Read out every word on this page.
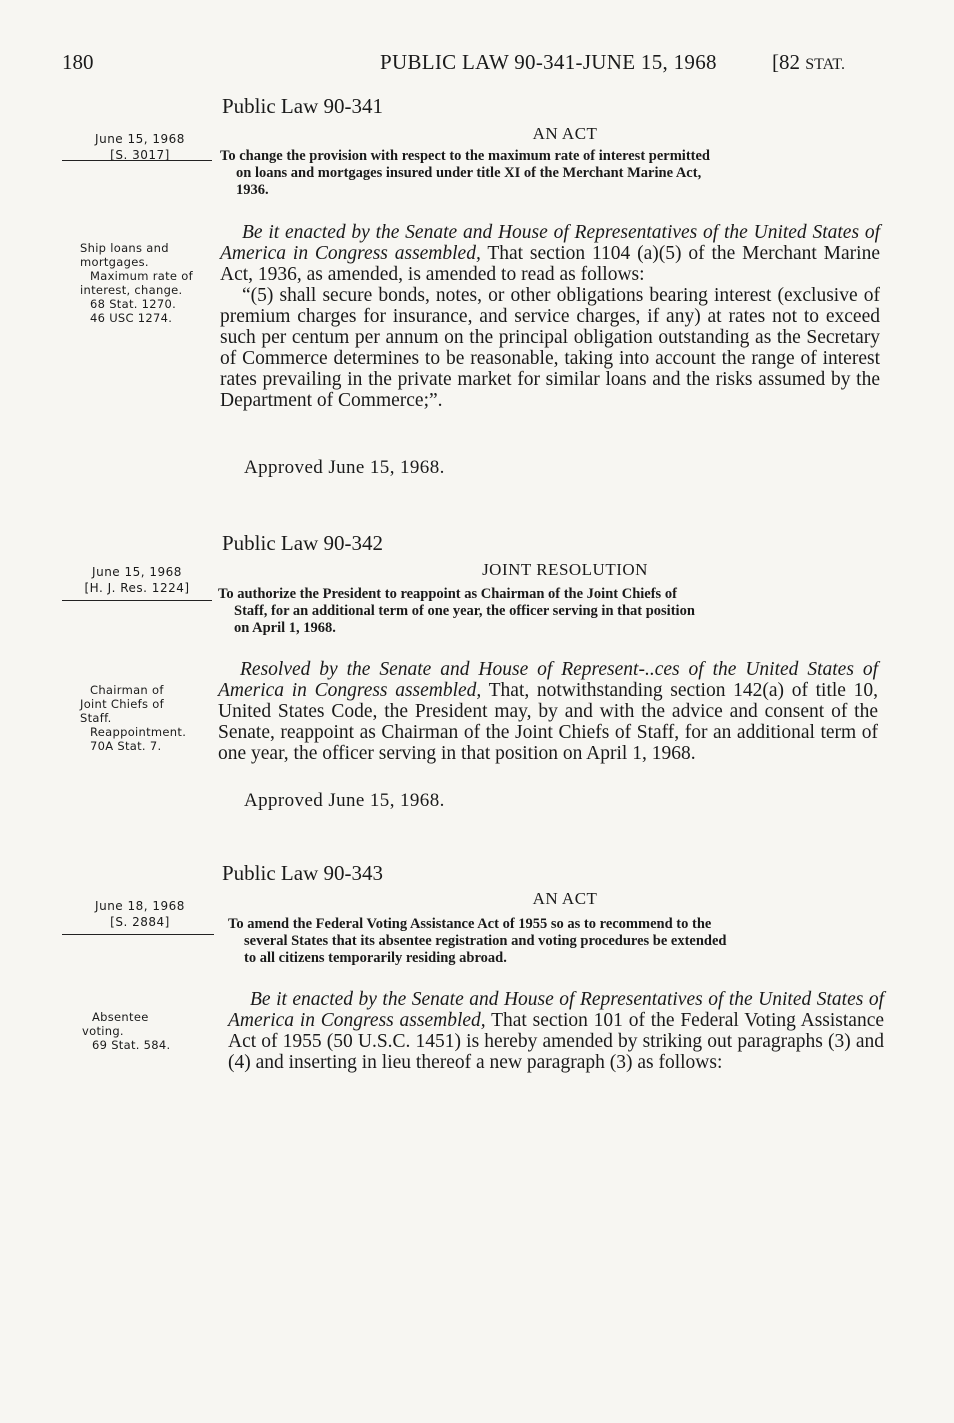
180	PUBLIC LAW 90-341-JUNE 15, 1968	[82 STAT.
Public Law 90-341
AN ACT
June 15, 1968
[S. 3017]	To change the provision with respect to the maximum rate of interest permitted
on loans and mortgages insured under title XI of the Merchant Marine Act,
1936.
Ship loans and
mortgages.
Maximum rate of
interest, change.
68 Stat. 1270.
46 USC 1274.

Be it enacted by the Senate and House of Representatives of the United States of America in Congress assembled, That section 1104 (a)(5) of the Merchant Marine Act, 1936, as amended, is amended to read as follows:

“(5) shall secure bonds, notes, or other obligations bearing interest (exclusive of premium charges for insurance, and service charges, if any) at rates not to exceed such per centum per annum on the principal obligation outstanding as the Secretary of Commerce determines to be reasonable, taking into account the range of interest rates prevailing in the private market for similar loans and the risks assumed by the Department of Commerce;”.

Approved June 15, 1968.
Public Law 90-342
JOINT RESOLUTION
June 15, 1968
[H. J. Res. 1224]	To authorize the President to reappoint as Chairman of the Joint Chiefs of
Staff, for an additional term of one year, the officer serving in that position
on April 1, 1968.
Chairman of
Joint Chiefs of
Staff.
Reappointment.
70A Stat. 7.

Resolved by the Senate and House of Represent-..ces of the United States of America in Congress assembled, That, notwithstanding section 142(a) of title 10, United States Code, the President may, by and with the advice and consent of the Senate, reappoint as Chairman of the Joint Chiefs of Staff, for an additional term of one year, the officer serving in that position on April 1, 1968.

Approved June 15, 1968.
Public Law 90-343
AN ACT
June 18, 1968
[S. 2884]	To amend the Federal Voting Assistance Act of 1955 so as to recommend to the
several States that its absentee registration and voting procedures be extended
to all citizens temporarily residing abroad.
Absentee
voting.
69 Stat. 584.

Be it enacted by the Senate and House of Representatives of the United States of America in Congress assembled, That section 101 of the Federal Voting Assistance Act of 1955 (50 U.S.C. 1451) is hereby amended by striking out paragraphs (3) and (4) and inserting in lieu thereof a new paragraph (3) as follows:
